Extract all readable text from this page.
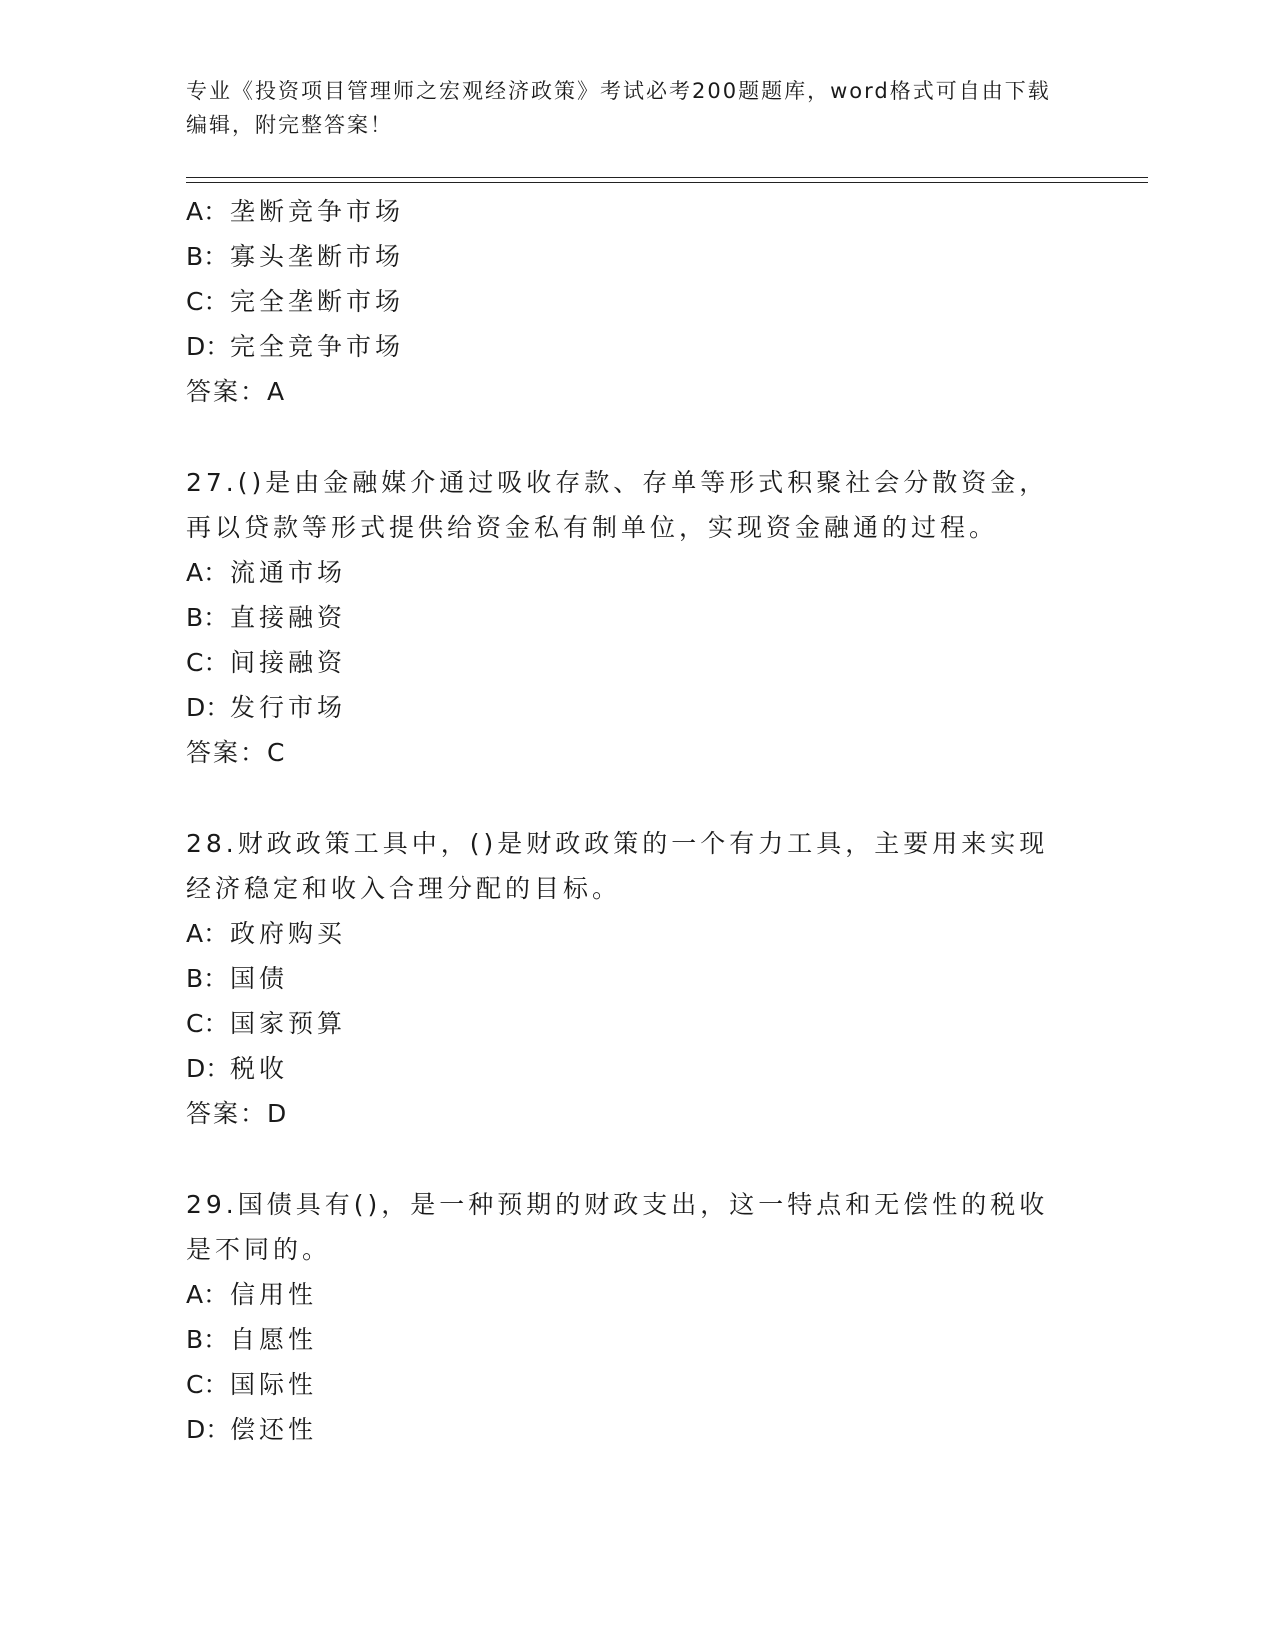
专业《投资项目管理师之宏观经济政策》考试必考200题题库，word格式可自由下载编辑，附完整答案！
A：垄断竞争市场
B：寡头垄断市场
C：完全垄断市场
D：完全竞争市场
答案：A
27.()是由金融媒介通过吸收存款、存单等形式积聚社会分散资金，再以贷款等形式提供给资金私有制单位，实现资金融通的过程。
A：流通市场
B：直接融资
C：间接融资
D：发行市场
答案：C
28.财政政策工具中，()是财政政策的一个有力工具，主要用来实现经济稳定和收入合理分配的目标。
A：政府购买
B：国债
C：国家预算
D：税收
答案：D
29.国债具有()，是一种预期的财政支出，这一特点和无偿性的税收是不同的。
A：信用性
B：自愿性
C：国际性
D：偿还性
